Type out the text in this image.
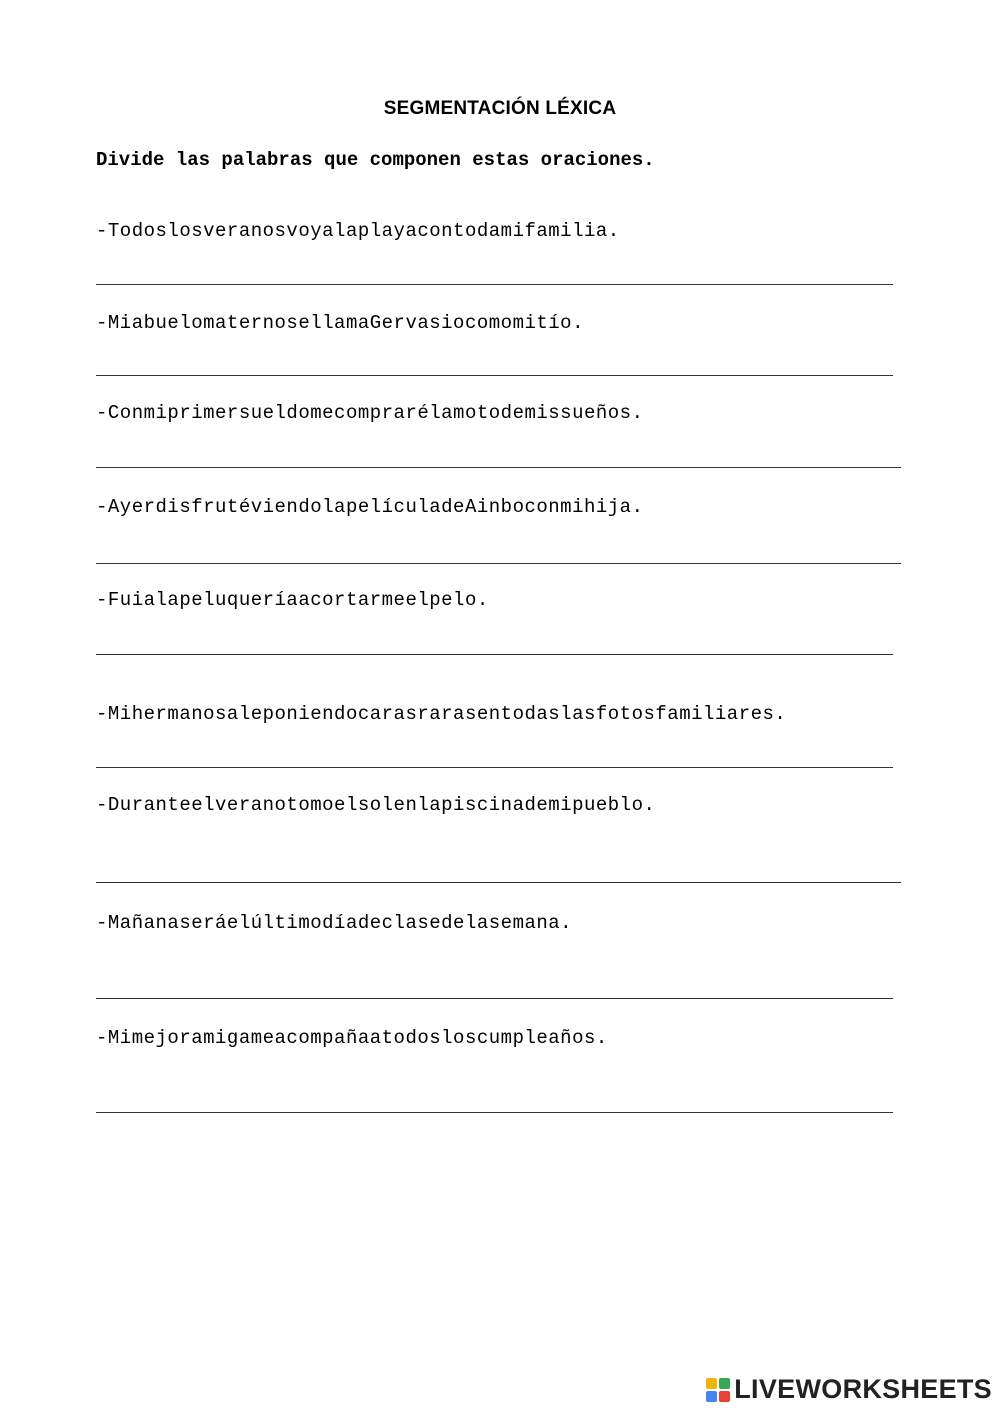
SEGMENTACIÓN LÉXICA

Divide las palabras que componen estas oraciones.

-Todoslosveranosvoyalaplayacontodamifamilia.

-MiabuelomaternosellamaGervasiocomomitío.

-Conmiprimersueldomecomprarélamotodemissueños.

-AyerdisfrutéviendolapelículadeAinboconmihija.

-Fuialapeluqueríaacortarmeelpelo.

-Mihermanosaleponiendocarasrarasentodaslasfotosfamiliares.

-Duranteelveranotomoelsolenlapiscinademipueblo.

-Mañanaseráelúltimodíadeclasedelasemana.

-Mimejoramigameacompañaatodosloscumpleaños.

LIVEWORKSHEETS
